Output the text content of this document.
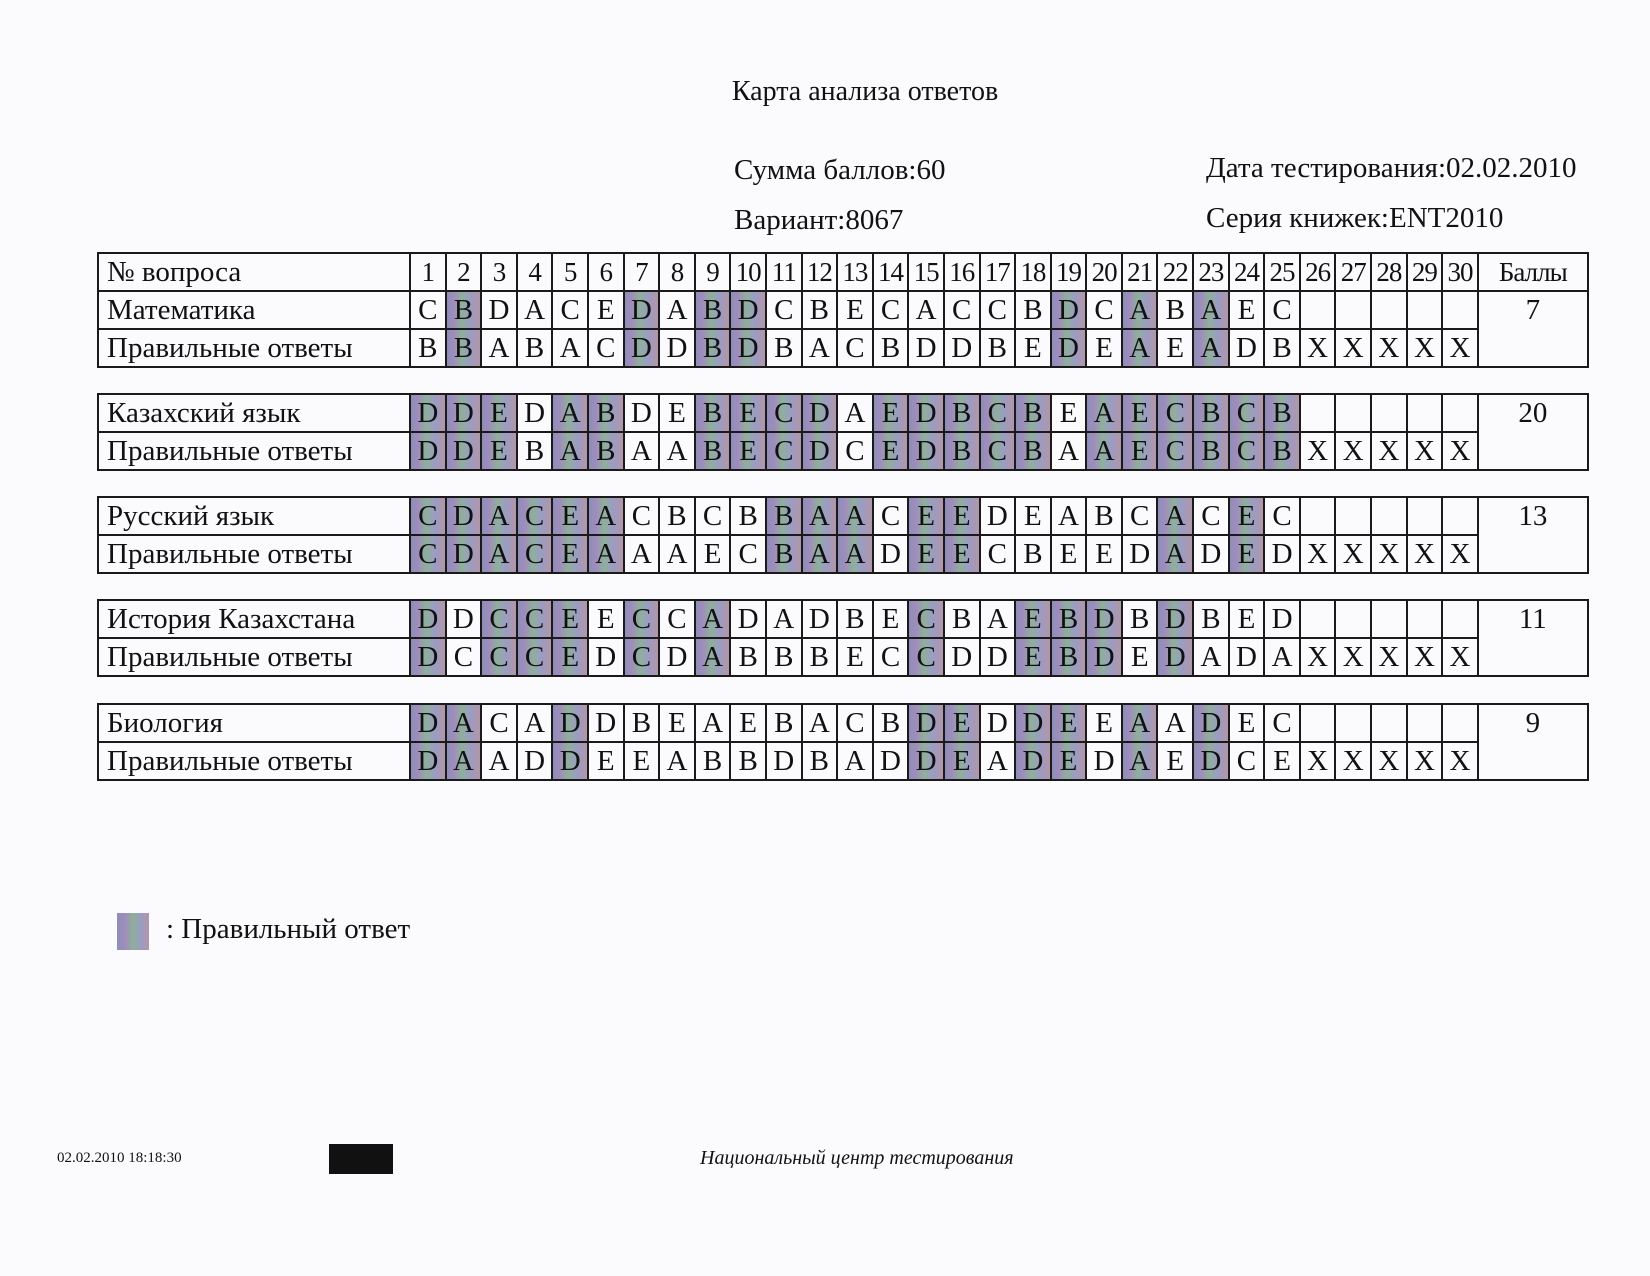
Карта анализа ответов
Сумма баллов:60
Вариант:8067
Дата тестирования:02.02.2010
Серия книжек:ENT2010
№ вопроса	1	2	3	4	5	6	7	8	9	10	11	12	13	14	15	16	17	18	19	20	21	22	23	24	25	26	27	28	29	30	Баллы
Математика	C	B	D	A	C	E	D	A	B	D	C	B	E	C	A	C	C	B	D	C	A	B	A	E	C						7
Правильные ответы	B	B	A	B	A	C	D	D	B	D	B	A	C	B	D	D	B	E	D	E	A	E	A	D	B	X	X	X	X	X	
Казахский язык	D	D	E	D	A	B	D	E	B	E	C	D	A	E	D	B	C	B	E	A	E	C	B	C	B						20
Правильные ответы	D	D	E	B	A	B	A	A	B	E	C	D	C	E	D	B	C	B	A	A	E	C	B	C	B	X	X	X	X	X	
Русский язык	C	D	A	C	E	A	C	B	C	B	B	A	A	C	E	E	D	E	A	B	C	A	C	E	C						13
Правильные ответы	C	D	A	C	E	A	A	A	E	C	B	A	A	D	E	E	C	B	E	E	D	A	D	E	D	X	X	X	X	X	
История Казахстана	D	D	C	C	E	E	C	C	A	D	A	D	B	E	C	B	A	E	B	D	B	D	B	E	D						11
Правильные ответы	D	C	C	C	E	D	C	D	A	B	B	B	E	C	C	D	D	E	B	D	E	D	A	D	A	X	X	X	X	X	
Биология	D	A	C	A	D	D	B	E	A	E	B	A	C	B	D	E	D	D	E	E	A	A	D	E	C						9
Правильные ответы	D	A	A	D	D	E	E	A	B	B	D	B	A	D	D	E	A	D	E	D	A	E	D	C	E	X	X	X	X	X	
: Правильный ответ
02.02.2010 18:18:30	Национальный центр тестирования
